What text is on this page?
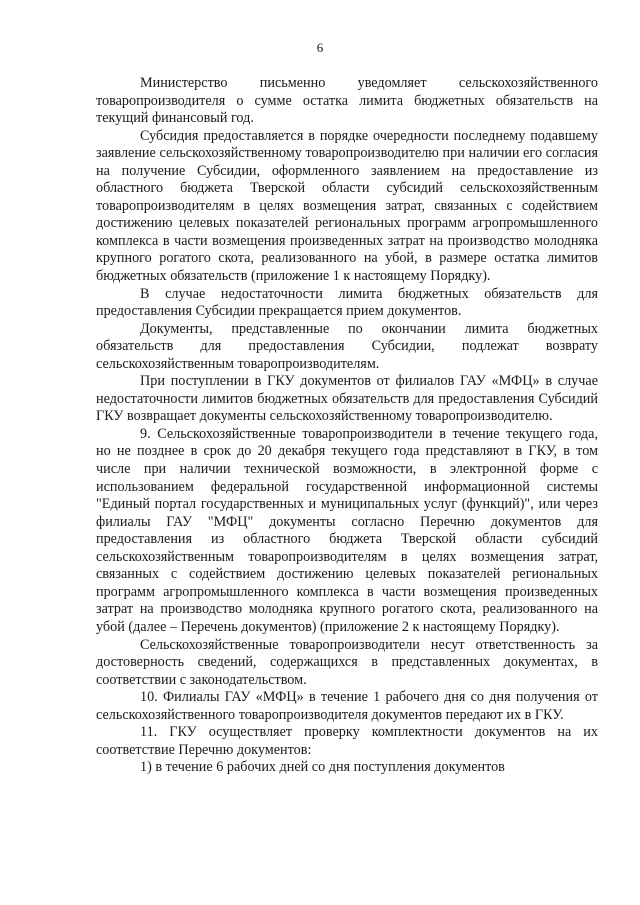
6

Министерство письменно уведомляет сельскохозяйственного товаропроизводителя о сумме остатка лимита бюджетных обязательств на текущий финансовый год.

Субсидия предоставляется в порядке очередности последнему подавшему заявление сельскохозяйственному товаропроизводителю при наличии его согласия на получение Субсидии, оформленного заявлением на предоставление из областного бюджета Тверской области субсидий сельскохозяйственным товаропроизводителям в целях возмещения затрат, связанных с содействием достижению целевых показателей региональных программ агропромышленного комплекса в части возмещения произведенных затрат на производство молодняка крупного рогатого скота, реализованного на убой, в размере остатка лимитов бюджетных обязательств (приложение 1 к настоящему Порядку).

В случае недостаточности лимита бюджетных обязательств для предоставления Субсидии прекращается прием документов.

Документы, представленные по окончании лимита бюджетных обязательств для предоставления Субсидии, подлежат возврату сельскохозяйственным товаропроизводителям.

При поступлении в ГКУ документов от филиалов ГАУ «МФЦ» в случае недостаточности лимитов бюджетных обязательств для предоставления Субсидий ГКУ возвращает документы сельскохозяйственному товаропроизводителю.

9. Сельскохозяйственные товаропроизводители в течение текущего года, но не позднее в срок до 20 декабря текущего года представляют в ГКУ, в том числе при наличии технической возможности, в электронной форме с использованием федеральной государственной информационной системы "Единый портал государственных и муниципальных услуг (функций)", или через филиалы ГАУ "МФЦ" документы согласно Перечню документов для предоставления из областного бюджета Тверской области субсидий сельскохозяйственным товаропроизводителям в целях возмещения затрат, связанных с содействием достижению целевых показателей региональных программ агропромышленного комплекса в части возмещения произведенных затрат на производство молодняка крупного рогатого скота, реализованного на убой (далее – Перечень документов) (приложение 2 к настоящему Порядку).

Сельскохозяйственные товаропроизводители несут ответственность за достоверность сведений, содержащихся в представленных документах, в соответствии с законодательством.

10. Филиалы ГАУ «МФЦ» в течение 1 рабочего дня со дня получения от сельскохозяйственного товаропроизводителя документов передают их в ГКУ.

11. ГКУ осуществляет проверку комплектности документов на их соответствие Перечню документов:

1) в течение 6 рабочих дней со дня поступления документов
